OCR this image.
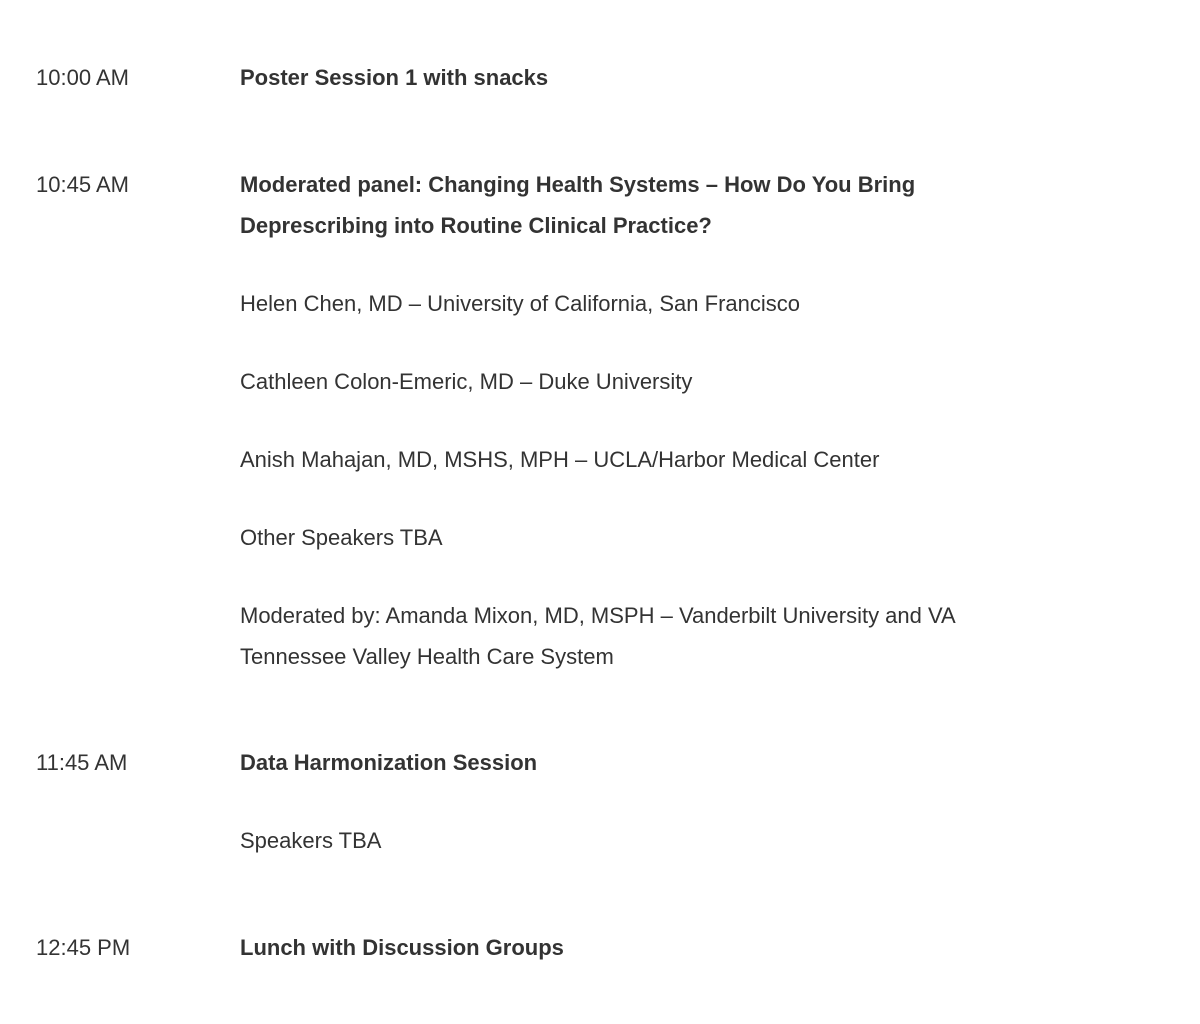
10:00 AM	Poster Session 1 with snacks

10:45 AM	Moderated panel: Changing Health Systems – How Do You Bring Deprescribing into Routine Clinical Practice?

Helen Chen, MD – University of California, San Francisco

Cathleen Colon-Emeric, MD – Duke University

Anish Mahajan, MD, MSHS, MPH – UCLA/Harbor Medical Center

Other Speakers TBA

Moderated by: Amanda Mixon, MD, MSPH – Vanderbilt University and VA Tennessee Valley Health Care System

11:45 AM	Data Harmonization Session

Speakers TBA

12:45 PM	Lunch with Discussion Groups
